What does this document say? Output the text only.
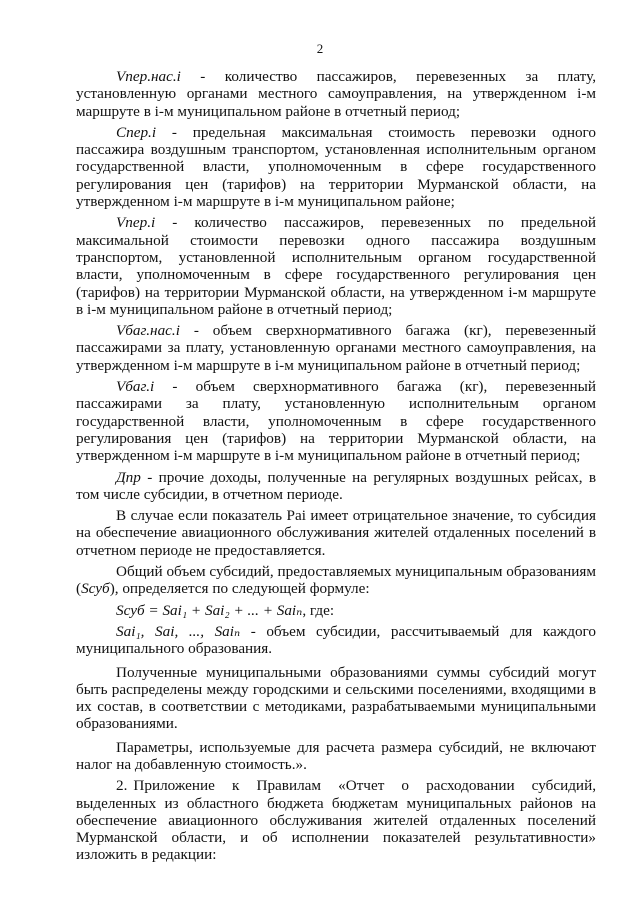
2

Vпер.нас.i - количество пассажиров, перевезенных за плату, установленную органами местного самоуправления, на утвержденном i-м маршруте в i-м муниципальном районе в отчетный период;

Спер.i - предельная максимальная стоимость перевозки одного пассажира воздушным транспортом, установленная исполнительным органом государственной власти, уполномоченным в сфере государственного регулирования цен (тарифов) на территории Мурманской области, на утвержденном i-м маршруте в i-м муниципальном районе;

Vпер.i - количество пассажиров, перевезенных по предельной максимальной стоимости перевозки одного пассажира воздушным транспортом, установленной исполнительным органом государственной власти, уполномоченным в сфере государственного регулирования цен (тарифов) на территории Мурманской области, на утвержденном i-м маршруте в i-м муниципальном районе в отчетный период;

Vбаг.нас.i - объем сверхнормативного багажа (кг), перевезенный пассажирами за плату, установленную органами местного самоуправления, на утвержденном i-м маршруте в i-м муниципальном районе в отчетный период;

Vбаг.i - объем сверхнормативного багажа (кг), перевезенный пассажирами за плату, установленную исполнительным органом государственной власти, уполномоченным в сфере государственного регулирования цен (тарифов) на территории Мурманской области, на утвержденном i-м маршруте в i-м муниципальном районе в отчетный период;

Дпр - прочие доходы, полученные на регулярных воздушных рейсах, в том числе субсидии, в отчетном периоде.

В случае если показатель Раi имеет отрицательное значение, то субсидия на обеспечение авиационного обслуживания жителей отдаленных поселений в отчетном периоде не предоставляется.

Общий объем субсидий, предоставляемых муниципальным образованиям (Sсуб), определяется по следующей формуле:

Sсуб = Sai₁ + Sai₂ + ... + Saiₙ, где:

Sai₁, Sai, ..., Saiₙ - объем субсидии, рассчитываемый для каждого муниципального образования.

Полученные муниципальными образованиями суммы субсидий могут быть распределены между городскими и сельскими поселениями, входящими в их состав, в соответствии с методиками, разрабатываемыми муниципальными образованиями.

Параметры, используемые для расчета размера субсидий, не включают налог на добавленную стоимость.».

2. Приложение к Правилам «Отчет о расходовании субсидий, выделенных из областного бюджета бюджетам муниципальных районов на обеспечение авиационного обслуживания жителей отдаленных поселений Мурманской области, и об исполнении показателей результативности» изложить в редакции:
